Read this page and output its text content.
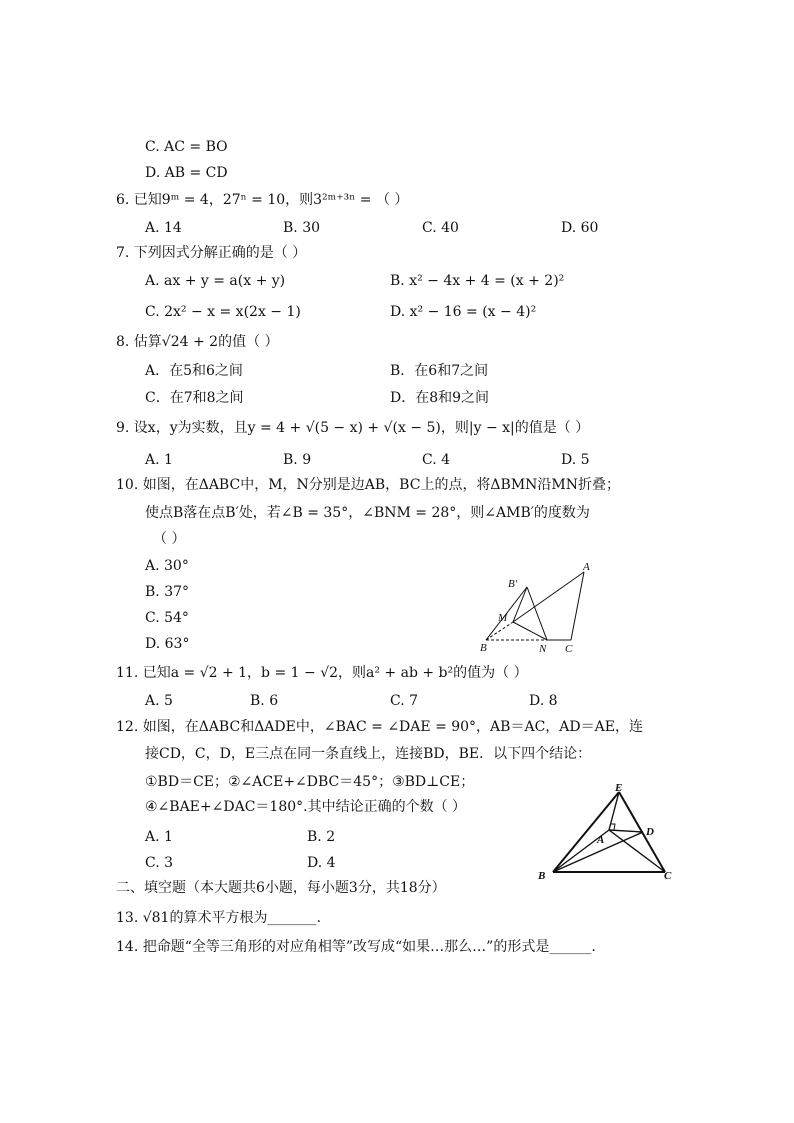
C. AC = BO
D. AB = CD
6. 已知9ᵐ = 4，27ⁿ = 10，则3²ᵐ⁺³ⁿ = （ ）
A. 14	B. 30	C. 40	D. 60
7. 下列因式分解正确的是（ ）
A. ax + y = a(x + y)	B. x² − 4x + 4 = (x + 2)²
C. 2x² − x = x(2x − 1)	D. x² − 16 = (x − 4)²
8. 估算√24 + 2的值（ ）
A．在5和6之间	B．在6和7之间
C．在7和8之间	D．在8和9之间
9. 设x，y为实数，且y = 4 + √(5 − x) + √(x − 5)，则|y − x|的值是（ ）
A. 1	B. 9	C. 4	D. 5
10. 如图，在ΔABC中，M，N分别是边AB，BC上的点，将ΔBMN沿MN折叠；
使点B落在点B′处，若∠B = 35°，∠BNM = 28°，则∠AMB′的度数为
（ ）
A. 30°
B. 37°
C. 54°
D. 63°
B′
A
M
B	N C
11. 已知a = √2 + 1，b = 1 − √2，则a² + ab + b²的值为（ ）
A. 5	B. 6	C. 7	D. 8
12. 如图，在ΔABC和ΔADE中，∠BAC = ∠DAE = 90°，AB＝AC，AD＝AE，连
接CD，C，D，E三点在同一条直线上，连接BD，BE．以下四个结论：
①BD＝CE；②∠ACE+∠DBC＝45°；③BD⊥CE；
④∠BAE+∠DAC＝180°.其中结论正确的个数（ ）
A. 1	B. 2
C. 3	D. 4
E
D
A
B	C
二、填空题（本大题共6小题，每小题3分，共18分）
13. √81的算术平方根为_______.
14. 把命题“全等三角形的对应角相等”改写成“如果…那么…”的形式是______.
